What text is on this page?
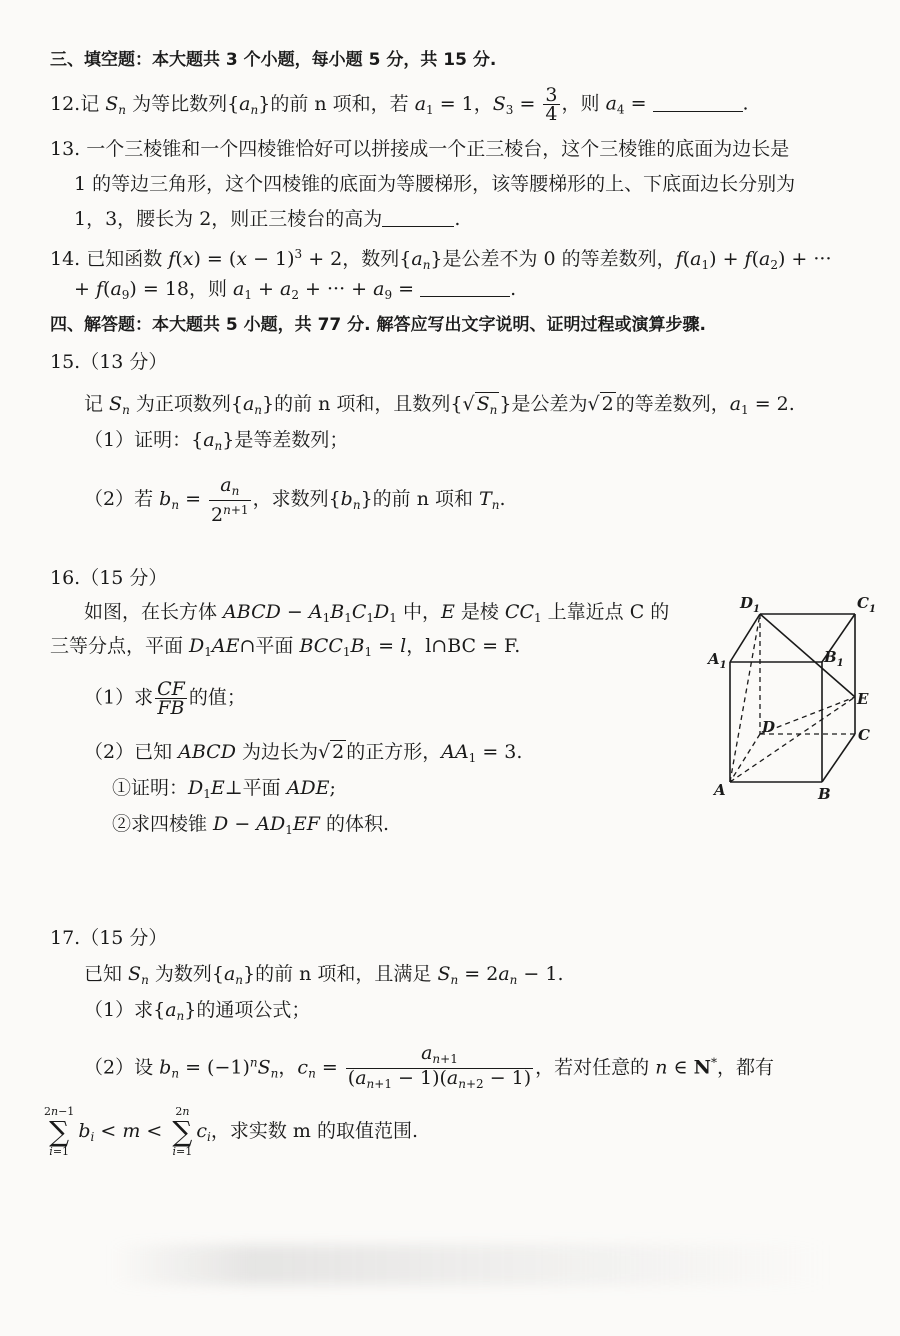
三、填空题：本大题共 3 个小题，每小题 5 分，共 15 分.
12.记 $S_n$ 为等比数列$\{a_n\}$的前 n 项和，若 $a_1 = 1$，$S_3 = \frac{3}{4}$ ，则 $a_4$ =	.
13. 一个三棱锥和一个四棱锥恰好可以拼接成一个正三棱台，这个三棱锥的底面为边长是
1 的等边三角形，这个四棱锥的底面为等腰梯形，该等腰梯形的上、下底面边长分别为
1，3，腰长为 2，则正三棱台的高为	.
14. 已知函数 $f(x) = (x - 1)^3 + 2$，数列$\{a_n\}$是公差不为 0 的等差数列，$f(a_1) + f(a_2)$ + ···
+ $f(a_9) = 18$，则 $a_1 + a_2$ + ··· + $a_9$ =	.
四、解答题：本大题共 5 小题，共 77 分. 解答应写出文字说明、证明过程或演算步骤.
15.（13 分）
记 $S_n$ 为正项数列$\{a_n\}$的前 n 项和，且数列{√ $S_n$ }是公差为√ 2 的等差数列，$a_1 = 2$.
（1）证明：$\{a_n\}$是等差数列；
（2）若 $b_n = \frac{a_n}{2^{n+1}}$ ，求数列$\{b_n\}$的前 n 项和 $T_n$.
16.（15 分）
如图，在长方体 ABCD − $A_1B_1C_1D_1$ 中，E 是棱 $CC_1$ 上靠近点 C 的
三等分点，平面 $D_1AE\cap$平面 $BCC_1B_1 = l$，l∩BC = F.
（1）求 $\frac{CF}{FB}$ 的值；
（2）已知 ABCD 为边长为√ 2 的正方形，$AA_1 = 3$.
①证明：$D_1E\perp$平面 ADE;
②求四棱锥 $D - AD_1EF$ 的体积.
$D_1$	$C_1$
$A_1$	$B_1$
D
E
C
A	B
17.（15 分）
已知 $S_n$ 为数列$\{a_n\}$的前 n 项和，且满足 $S_n = 2a_n - 1$.
（1）求$\{a_n\}$的通项公式；
（2）设 $b_n = (-1)^nS_n$，$c_n = \frac{a_{n+1}}{(a_{n+1} - 1)(a_{n+2} - 1)}$ ，若对任意的 n ∈ N*，都有
2n−1
∑
i=1
$b_i < m$ <
2n
∑
i=1
$c_i$，求实数 m 的取值范围.
